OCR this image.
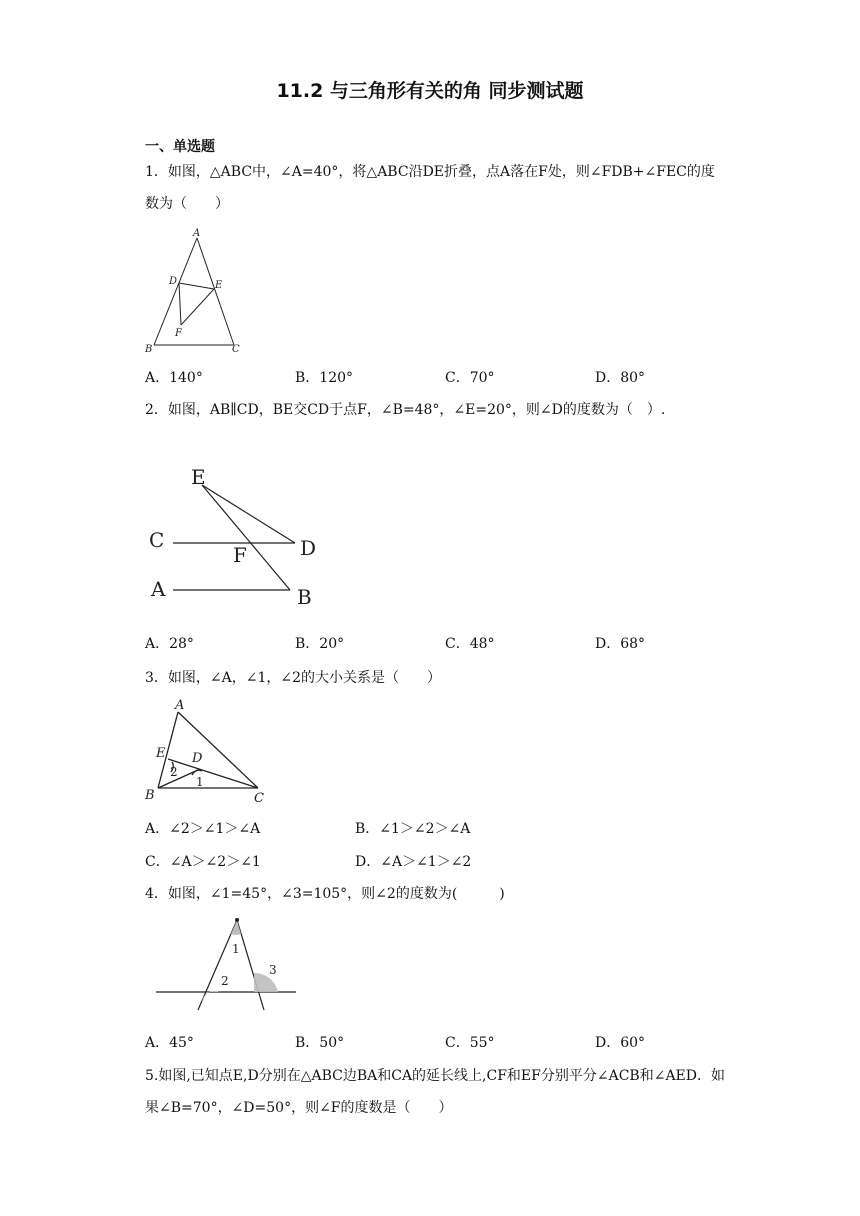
11.2 与三角形有关的角 同步测试题
一、单选题
1．如图，△ABC中，∠A=40°，将△ABC沿DE折叠，点A落在F处，则∠FDB+∠FEC的度数为（　　）
A
D	E
F
B	C
A．140°	B．120°	C．70°	D．80°
2．如图，AB∥CD，BE交CD于点F，∠B=48°，∠E=20°，则∠D的度数为（　）.
E
C
F	D
A	B
A．28°	B．20°	C．48°	D．68°
3．如图，∠A，∠1，∠2的大小关系是（　　）
A
E D
2
1
B	C
A．∠2＞∠1＞∠A	B．∠1＞∠2＞∠A
C．∠A＞∠2＞∠1	D．∠A＞∠1＞∠2
4．如图，∠1=45°，∠3=105°，则∠2的度数为(　　　)
1
2
3
A．45°	B．50°	C．55°	D．60°
5.如图,已知点E,D分别在△ABC边BA和CA的延长线上,CF和EF分别平分∠ACB和∠AED．如果∠B=70°，∠D=50°，则∠F的度数是（　　）
